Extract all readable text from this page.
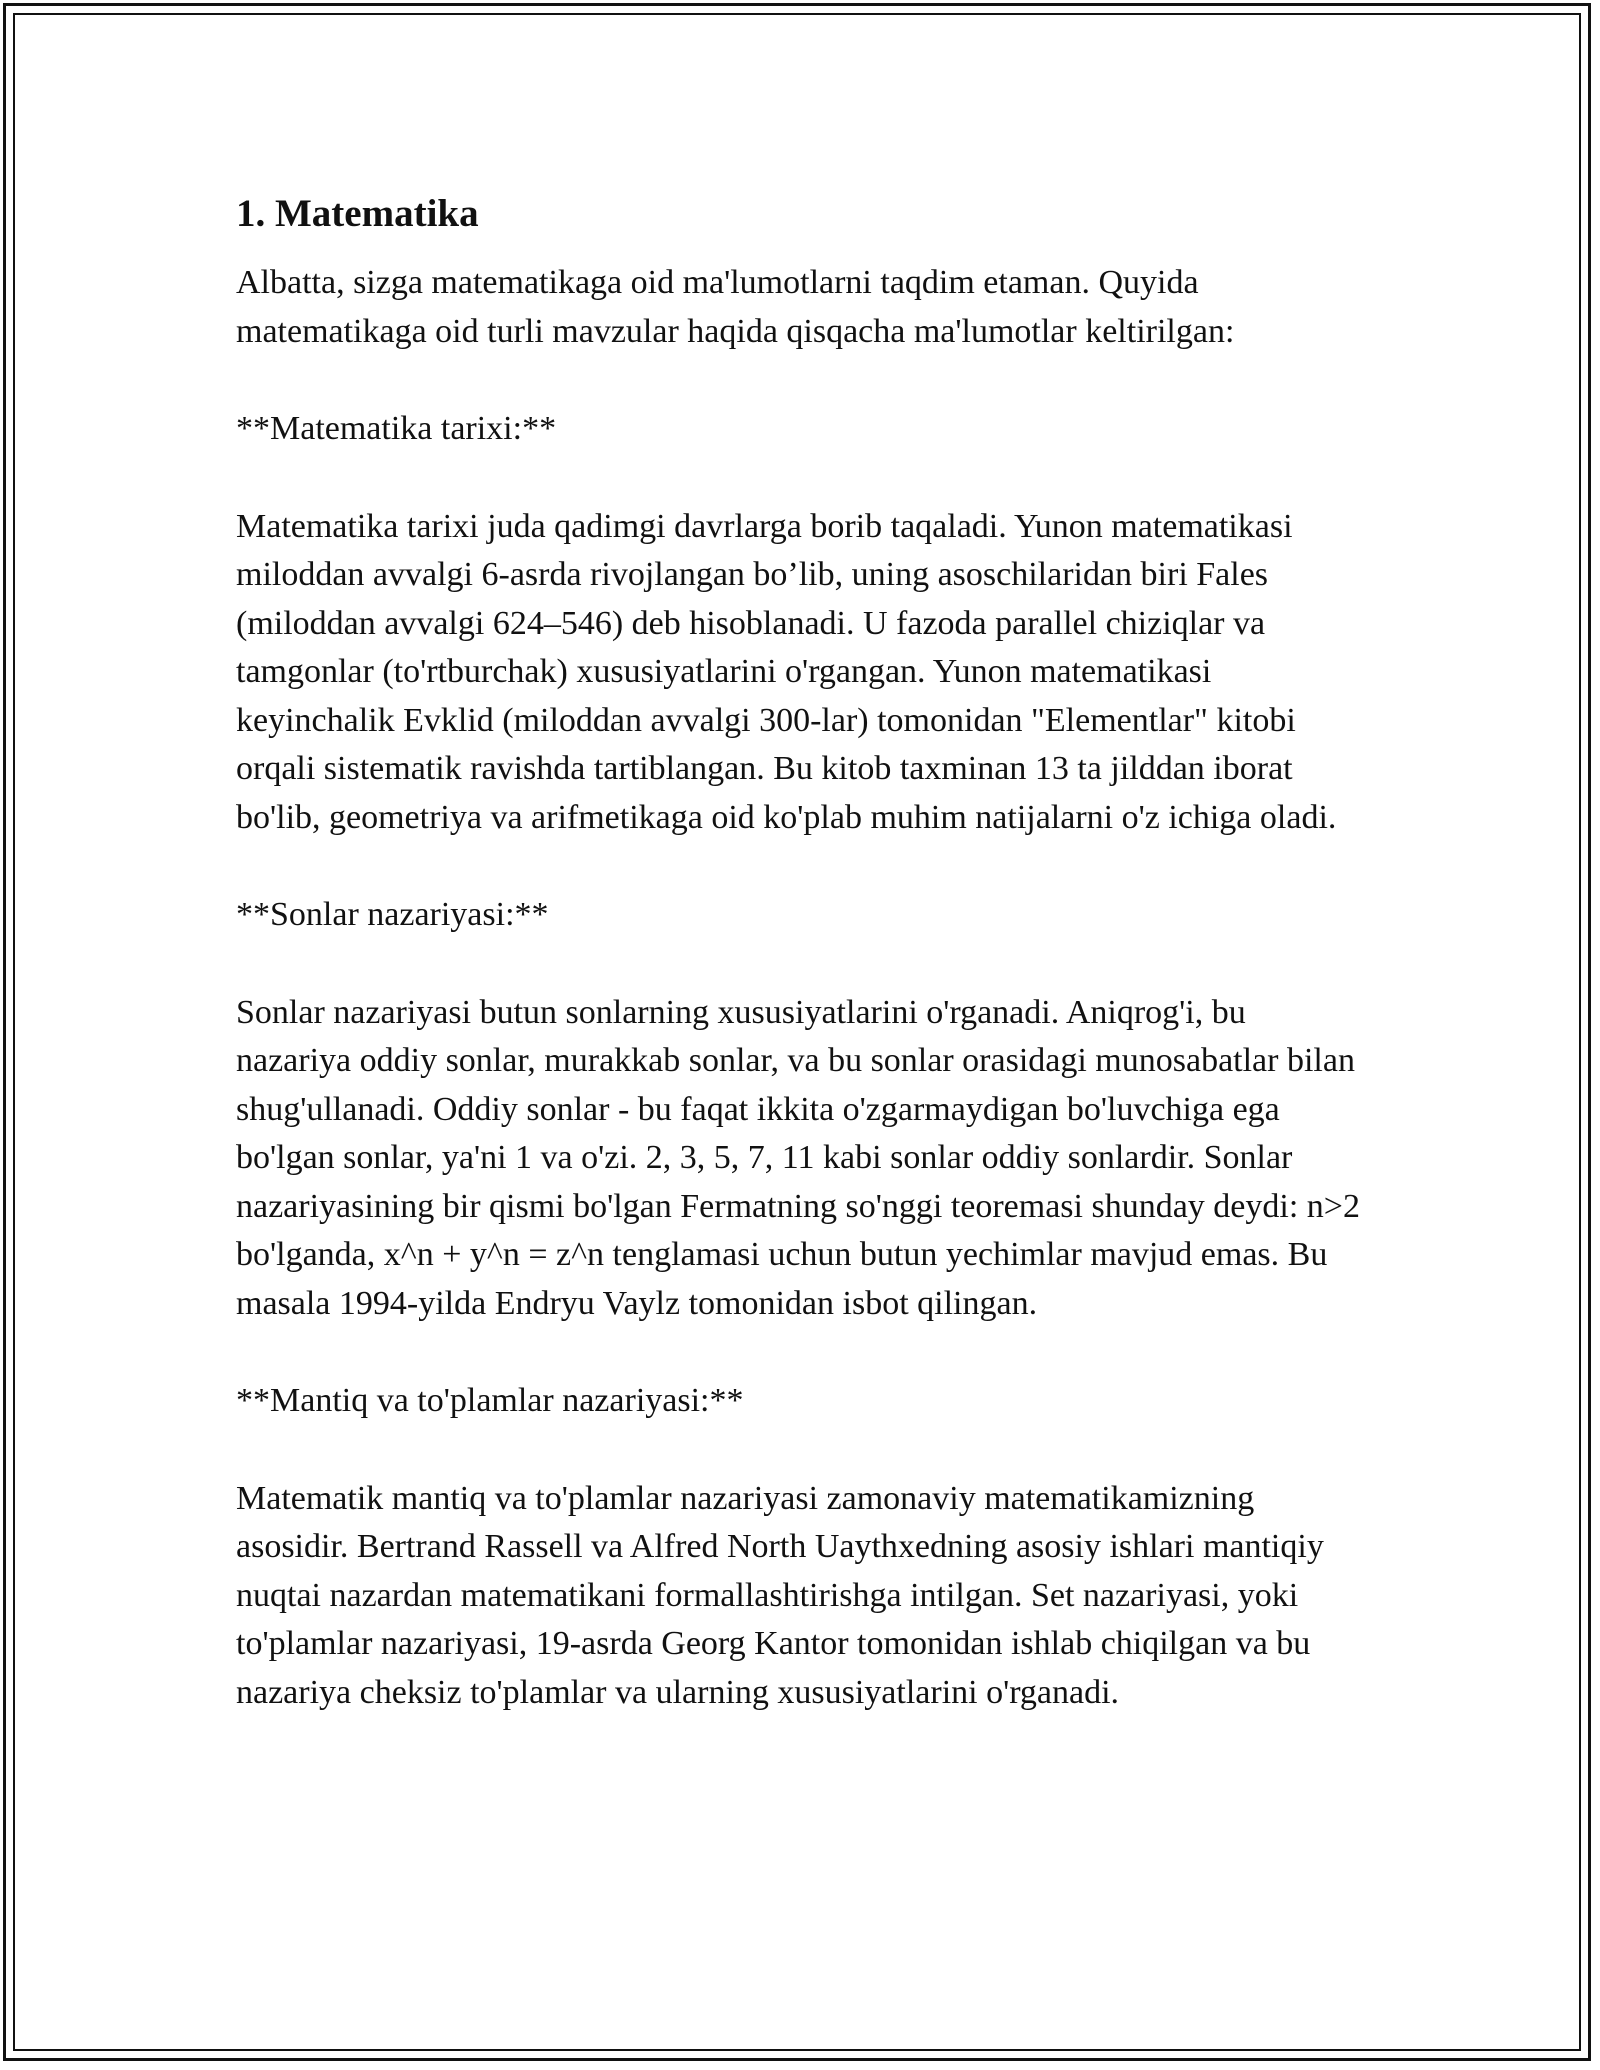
1. Matematika

Albatta, sizga matematikaga oid ma'lumotlarni taqdim etaman. Quyida matematikaga oid turli mavzular haqida qisqacha ma'lumotlar keltirilgan:

**Matematika tarixi:**

Matematika tarixi juda qadimgi davrlarga borib taqaladi. Yunon matematikasi miloddan avvalgi 6-asrda rivojlangan bo’lib, uning asoschilaridan biri Fales (miloddan avvalgi 624–546) deb hisoblanadi. U fazoda parallel chiziqlar va tamgonlar (to'rtburchak) xususiyatlarini o'rgangan. Yunon matematikasi keyinchalik Evklid (miloddan avvalgi 300-lar) tomonidan "Elementlar" kitobi orqali sistematik ravishda tartiblangan. Bu kitob taxminan 13 ta jilddan iborat bo'lib, geometriya va arifmetikaga oid ko'plab muhim natijalarni o'z ichiga oladi.

**Sonlar nazariyasi:**

Sonlar nazariyasi butun sonlarning xususiyatlarini o'rganadi. Aniqrog'i, bu nazariya oddiy sonlar, murakkab sonlar, va bu sonlar orasidagi munosabatlar bilan shug'ullanadi. Oddiy sonlar - bu faqat ikkita o'zgarmaydigan bo'luvchiga ega bo'lgan sonlar, ya'ni 1 va o'zi. 2, 3, 5, 7, 11 kabi sonlar oddiy sonlardir. Sonlar nazariyasining bir qismi bo'lgan Fermatning so'nggi teoremasi shunday deydi: n>2 bo'lganda, x^n + y^n = z^n tenglamasi uchun butun yechimlar mavjud emas. Bu masala 1994-yilda Endryu Vaylz tomonidan isbot qilingan.

**Mantiq va to'plamlar nazariyasi:**

Matematik mantiq va to'plamlar nazariyasi zamonaviy matematikamizning asosidir. Bertrand Rassell va Alfred North Uaythxedning asosiy ishlari mantiqiy nuqtai nazardan matematikani formallashtirishga intilgan. Set nazariyasi, yoki to'plamlar nazariyasi, 19-asrda Georg Kantor tomonidan ishlab chiqilgan va bu nazariya cheksiz to'plamlar va ularning xususiyatlarini o'rganadi.
